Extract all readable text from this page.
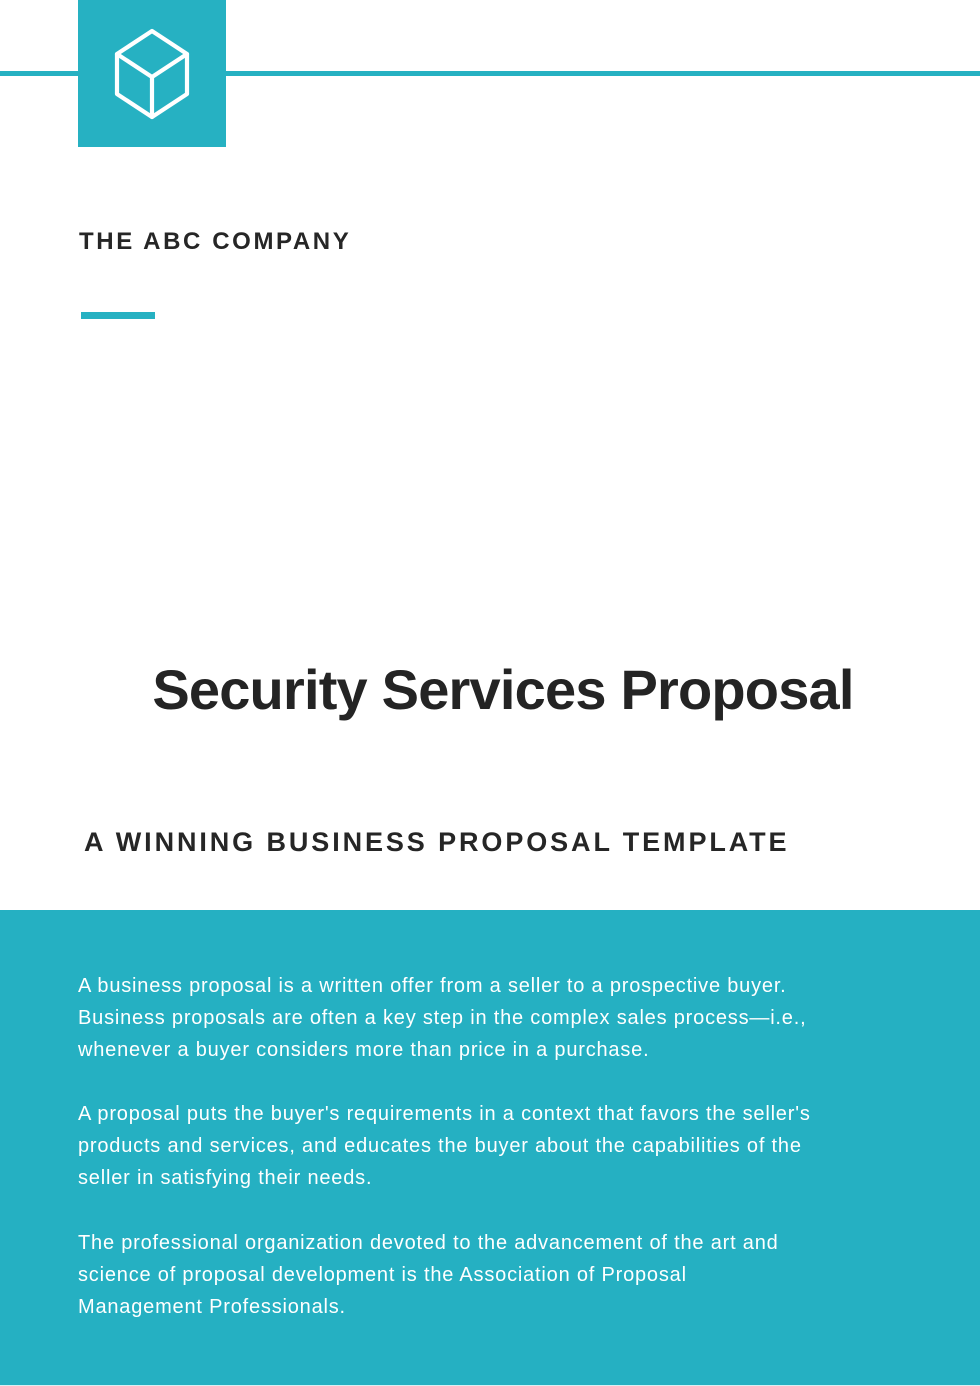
THE ABC COMPANY
Security Services Proposal
A WINNING BUSINESS PROPOSAL TEMPLATE

A business proposal is a written offer from a seller to a prospective buyer.
Business proposals are often a key step in the complex sales process—i.e.,
whenever a buyer considers more than price in a purchase.

A proposal puts the buyer's requirements in a context that favors the seller's
products and services, and educates the buyer about the capabilities of the
seller in satisfying their needs.

The professional organization devoted to the advancement of the art and
science of proposal development is the Association of Proposal
Management Professionals.
